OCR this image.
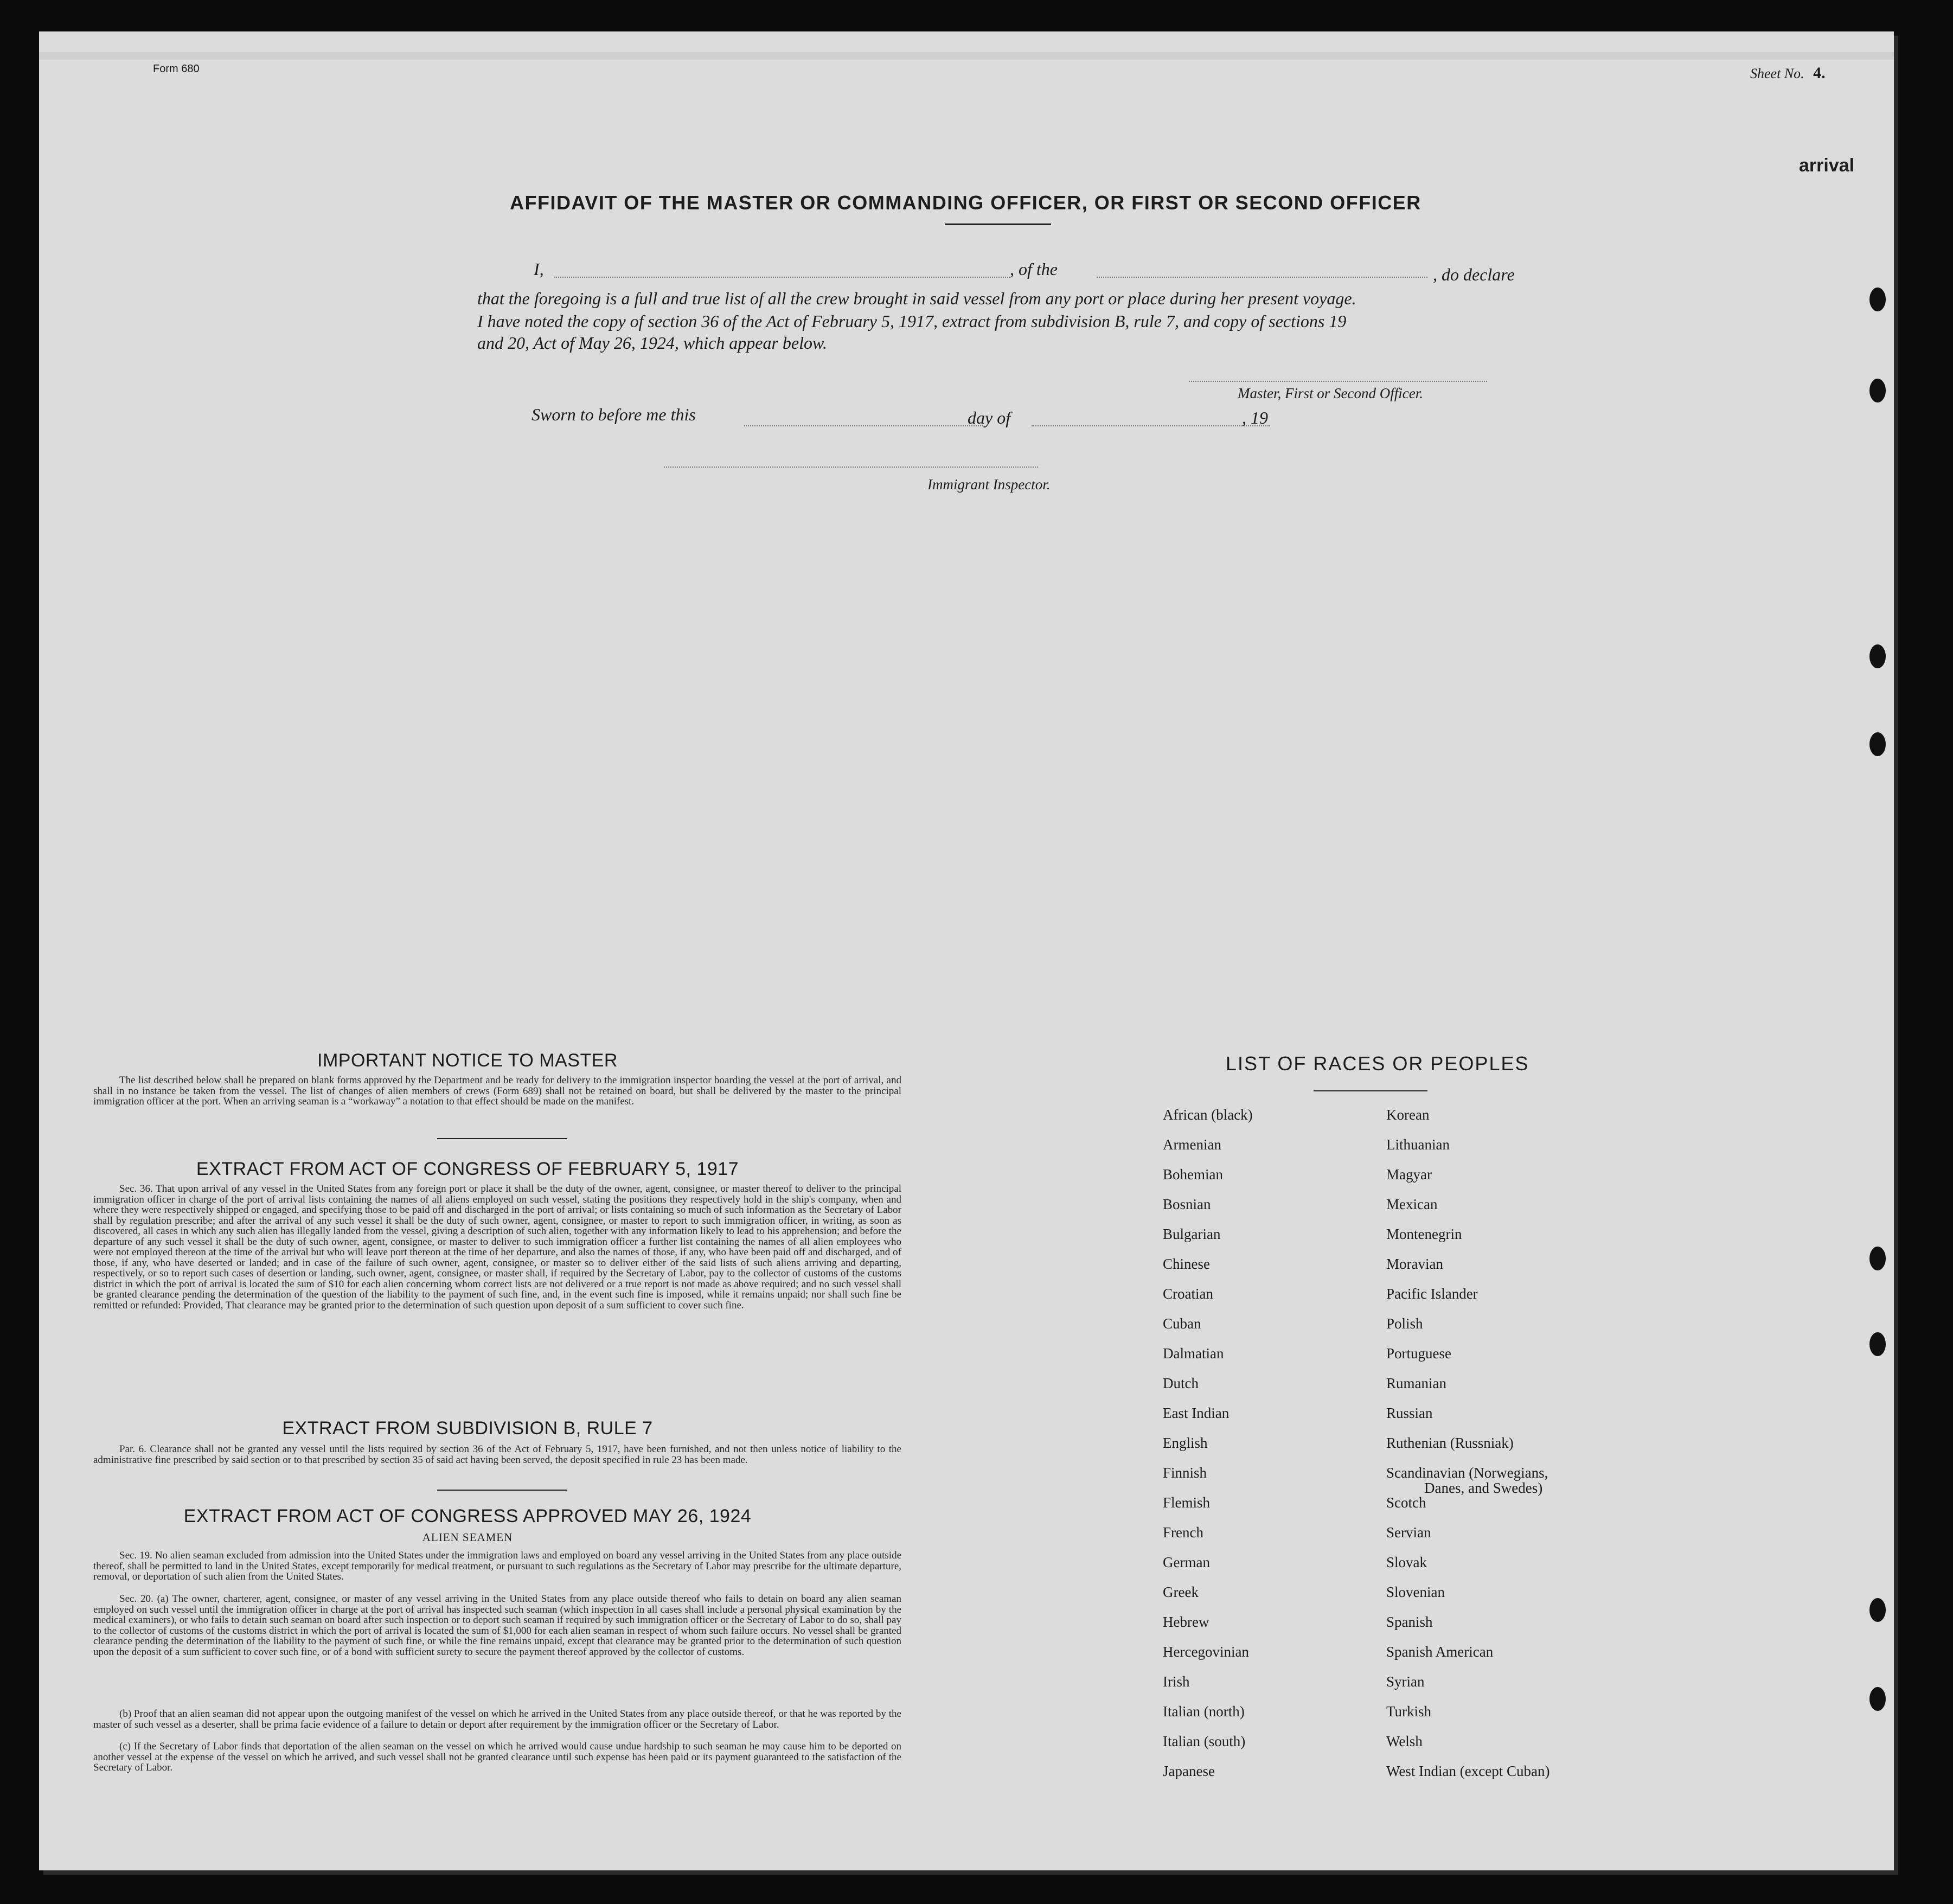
Form 680	Sheet No. 4.
arrival
AFFIDAVIT OF THE MASTER OR COMMANDING OFFICER, OR FIRST OR SECOND OFFICER
I,	, of the	, do declare
that the foregoing is a full and true list of all the crew brought in said vessel from any port or place during her present voyage.
I have noted the copy of section 36 of the Act of February 5, 1917, extract from subdivision B, rule 7, and copy of sections 19
and 20, Act of May 26, 1924, which appear below.
Master, First or Second Officer.
Sworn to before me this	day of	, 19
Immigrant Inspector.
IMPORTANT NOTICE TO MASTER
The list described below shall be prepared on blank forms approved by the Department and be ready for delivery to the immigration inspector boarding the vessel at the port of arrival, and shall in no instance be taken from the vessel. The list of changes of alien members of crews (Form 689) shall not be retained on board, but shall be delivered by the master to the principal immigration officer at the port. When an arriving seaman is a “workaway” a notation to that effect should be made on the manifest.
EXTRACT FROM ACT OF CONGRESS OF FEBRUARY 5, 1917
Sec. 36. That upon arrival of any vessel in the United States from any foreign port or place it shall be the duty of the owner, agent, consignee, or master thereof to deliver to the principal immigration officer in charge of the port of arrival lists containing the names of all aliens employed on such vessel, stating the positions they respectively hold in the ship's company, when and where they were respectively shipped or engaged, and specifying those to be paid off and discharged in the port of arrival; or lists containing so much of such information as the Secretary of Labor shall by regulation prescribe; and after the arrival of any such vessel it shall be the duty of such owner, agent, consignee, or master to report to such immigration officer, in writing, as soon as discovered, all cases in which any such alien has illegally landed from the vessel, giving a description of such alien, together with any information likely to lead to his apprehension; and before the departure of any such vessel it shall be the duty of such owner, agent, consignee, or master to deliver to such immigration officer a further list containing the names of all alien employees who were not employed thereon at the time of the arrival but who will leave port thereon at the time of her departure, and also the names of those, if any, who have been paid off and discharged, and of those, if any, who have deserted or landed; and in case of the failure of such owner, agent, consignee, or master so to deliver either of the said lists of such aliens arriving and departing, respectively, or so to report such cases of desertion or landing, such owner, agent, consignee, or master shall, if required by the Secretary of Labor, pay to the collector of customs of the customs district in which the port of arrival is located the sum of $10 for each alien concerning whom correct lists are not delivered or a true report is not made as above required; and no such vessel shall be granted clearance pending the determination of the question of the liability to the payment of such fine, and, in the event such fine is imposed, while it remains unpaid; nor shall such fine be remitted or refunded: Provided, That clearance may be granted prior to the determination of such question upon deposit of a sum sufficient to cover such fine.
EXTRACT FROM SUBDIVISION B, RULE 7
Par. 6. Clearance shall not be granted any vessel until the lists required by section 36 of the Act of February 5, 1917, have been furnished, and not then unless notice of liability to the administrative fine prescribed by said section or to that prescribed by section 35 of said act having been served, the deposit specified in rule 23 has been made.
EXTRACT FROM ACT OF CONGRESS APPROVED MAY 26, 1924
ALIEN SEAMEN
Sec. 19. No alien seaman excluded from admission into the United States under the immigration laws and employed on board any vessel arriving in the United States from any place outside thereof, shall be permitted to land in the United States, except temporarily for medical treatment, or pursuant to such regulations as the Secretary of Labor may prescribe for the ultimate departure, removal, or deportation of such alien from the United States.
Sec. 20. (a) The owner, charterer, agent, consignee, or master of any vessel arriving in the United States from any place outside thereof who fails to detain on board any alien seaman employed on such vessel until the immigration officer in charge at the port of arrival has inspected such seaman (which inspection in all cases shall include a personal physical examination by the medical examiners), or who fails to detain such seaman on board after such inspection or to deport such seaman if required by such immigration officer or the Secretary of Labor to do so, shall pay to the collector of customs of the customs district in which the port of arrival is located the sum of $1,000 for each alien seaman in respect of whom such failure occurs. No vessel shall be granted clearance pending the determination of the liability to the payment of such fine, or while the fine remains unpaid, except that clearance may be granted prior to the determination of such question upon the deposit of a sum sufficient to cover such fine, or of a bond with sufficient surety to secure the payment thereof approved by the collector of customs.
(b) Proof that an alien seaman did not appear upon the outgoing manifest of the vessel on which he arrived in the United States from any place outside thereof, or that he was reported by the master of such vessel as a deserter, shall be prima facie evidence of a failure to detain or deport after requirement by the immigration officer or the Secretary of Labor.
(c) If the Secretary of Labor finds that deportation of the alien seaman on the vessel on which he arrived would cause undue hardship to such seaman he may cause him to be deported on another vessel at the expense of the vessel on which he arrived, and such vessel shall not be granted clearance until such expense has been paid or its payment guaranteed to the satisfaction of the Secretary of Labor.
LIST OF RACES OR PEOPLES
African (black)
Armenian
Bohemian
Bosnian
Bulgarian
Chinese
Croatian
Cuban
Dalmatian
Dutch
East Indian
English
Finnish
Flemish
French
German
Greek
Hebrew
Hercegovinian
Irish
Italian (north)
Italian (south)
Japanese
Korean
Lithuanian
Magyar
Mexican
Montenegrin
Moravian
Pacific Islander
Polish
Portuguese
Rumanian
Russian
Ruthenian (Russniak)
Scandinavian (Norwegians,
Danes, and Swedes)
Scotch
Servian
Slovak
Slovenian
Spanish
Spanish American
Syrian
Turkish
Welsh
West Indian (except Cuban)
